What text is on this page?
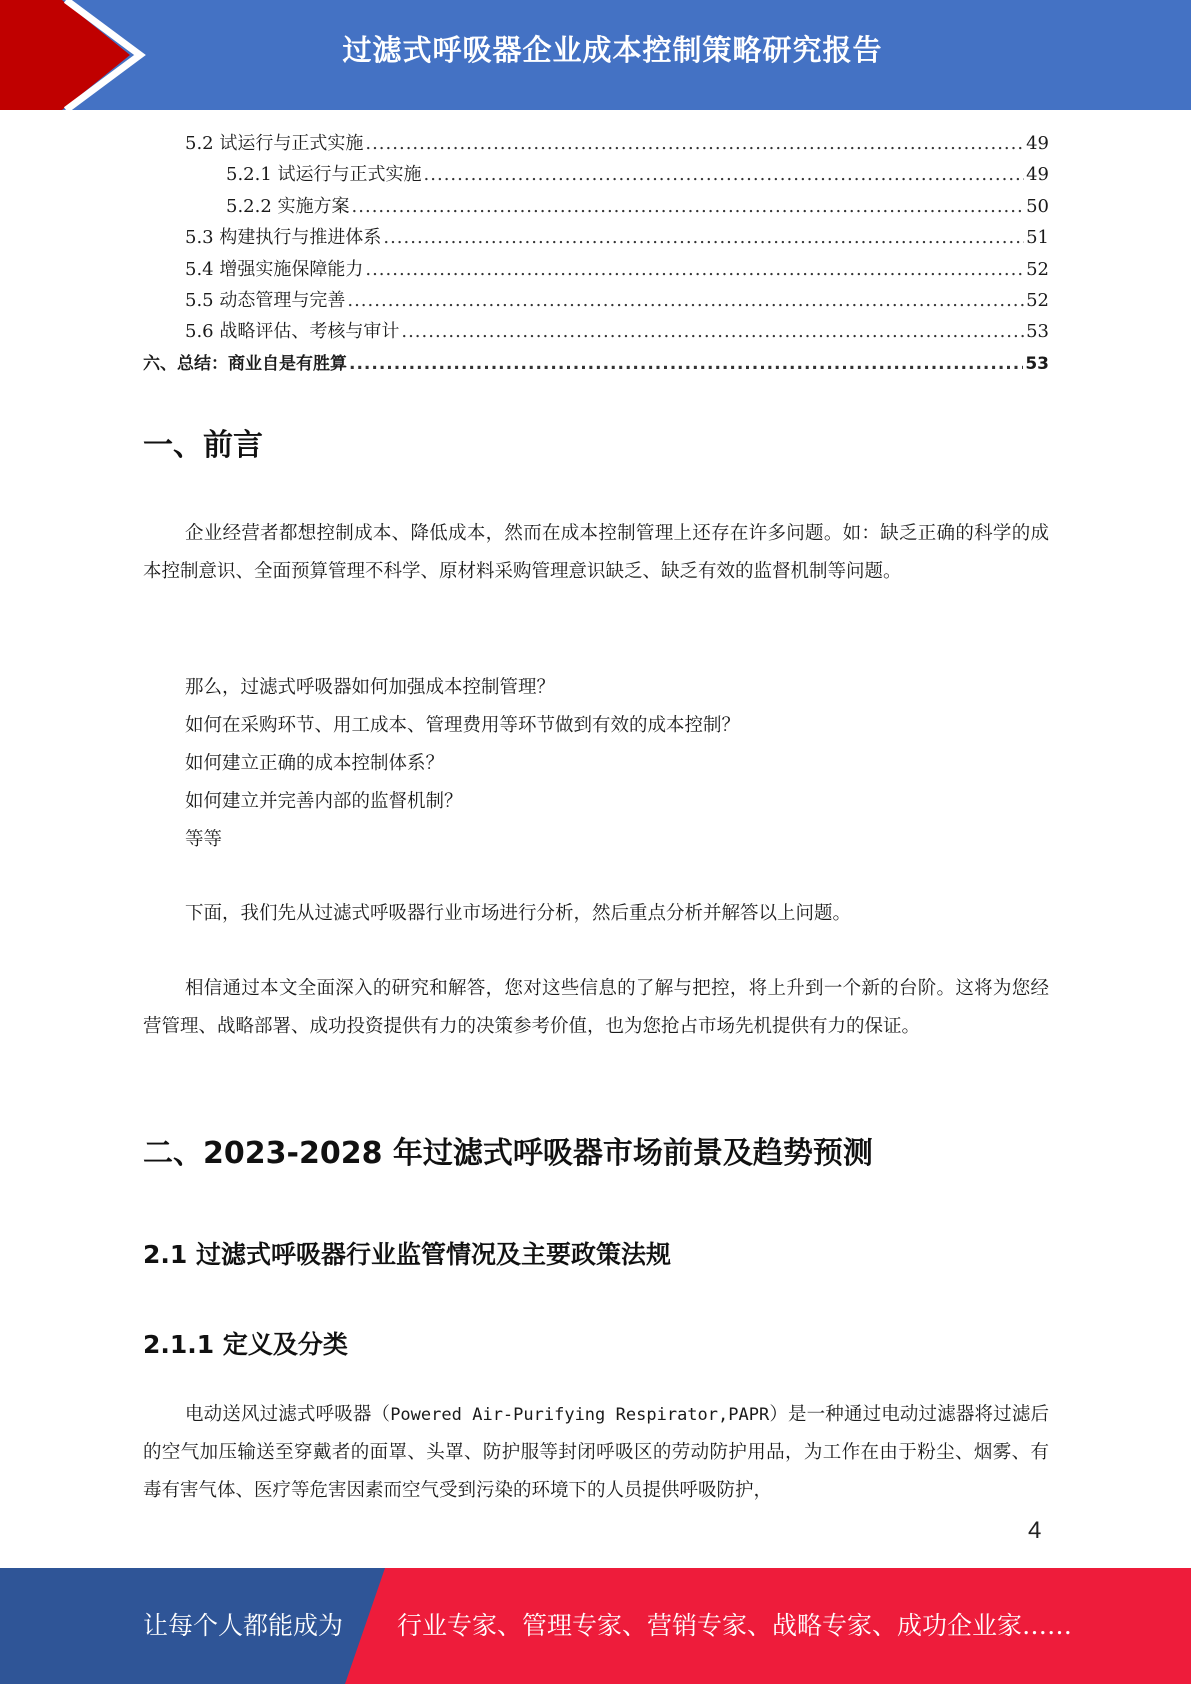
过滤式呼吸器企业成本控制策略研究报告
5.2 试运行与正式实施 .....	49
5.2.1 试运行与正式实施 .....	49
5.2.2 实施方案 .....	50
5.3 构建执行与推进体系 .....	51
5.4 增强实施保障能力 .....	52
5.5 动态管理与完善 .....	52
5.6 战略评估、考核与审计 .....	53
六、总结：商业自是有胜算 .....	53
一、前言

企业经营者都想控制成本、降低成本，然而在成本控制管理上还存在许多问题。如：缺乏正确的科学的成本控制意识、全面预算管理不科学、原材料采购管理意识缺乏、缺乏有效的监督机制等问题。

那么，过滤式呼吸器如何加强成本控制管理？
如何在采购环节、用工成本、管理费用等环节做到有效的成本控制？
如何建立正确的成本控制体系？
如何建立并完善内部的监督机制？
等等

下面，我们先从过滤式呼吸器行业市场进行分析，然后重点分析并解答以上问题。

相信通过本文全面深入的研究和解答，您对这些信息的了解与把控，将上升到一个新的台阶。这将为您经营管理、战略部署、成功投资提供有力的决策参考价值，也为您抢占市场先机提供有力的保证。

二、2023-2028 年过滤式呼吸器市场前景及趋势预测
2.1 过滤式呼吸器行业监管情况及主要政策法规
2.1.1 定义及分类

电动送风过滤式呼吸器（Powered Air-Purifying Respirator,PAPR）是一种通过电动过滤器将过滤后的空气加压输送至穿戴者的面罩、头罩、防护服等封闭呼吸区的劳动防护用品，为工作在由于粉尘、烟雾、有毒有害气体、医疗等危害因素而空气受到污染的环境下的人员提供呼吸防护，

4
让每个人都能成为 行业专家、管理专家、营销专家、战略专家、成功企业家……
